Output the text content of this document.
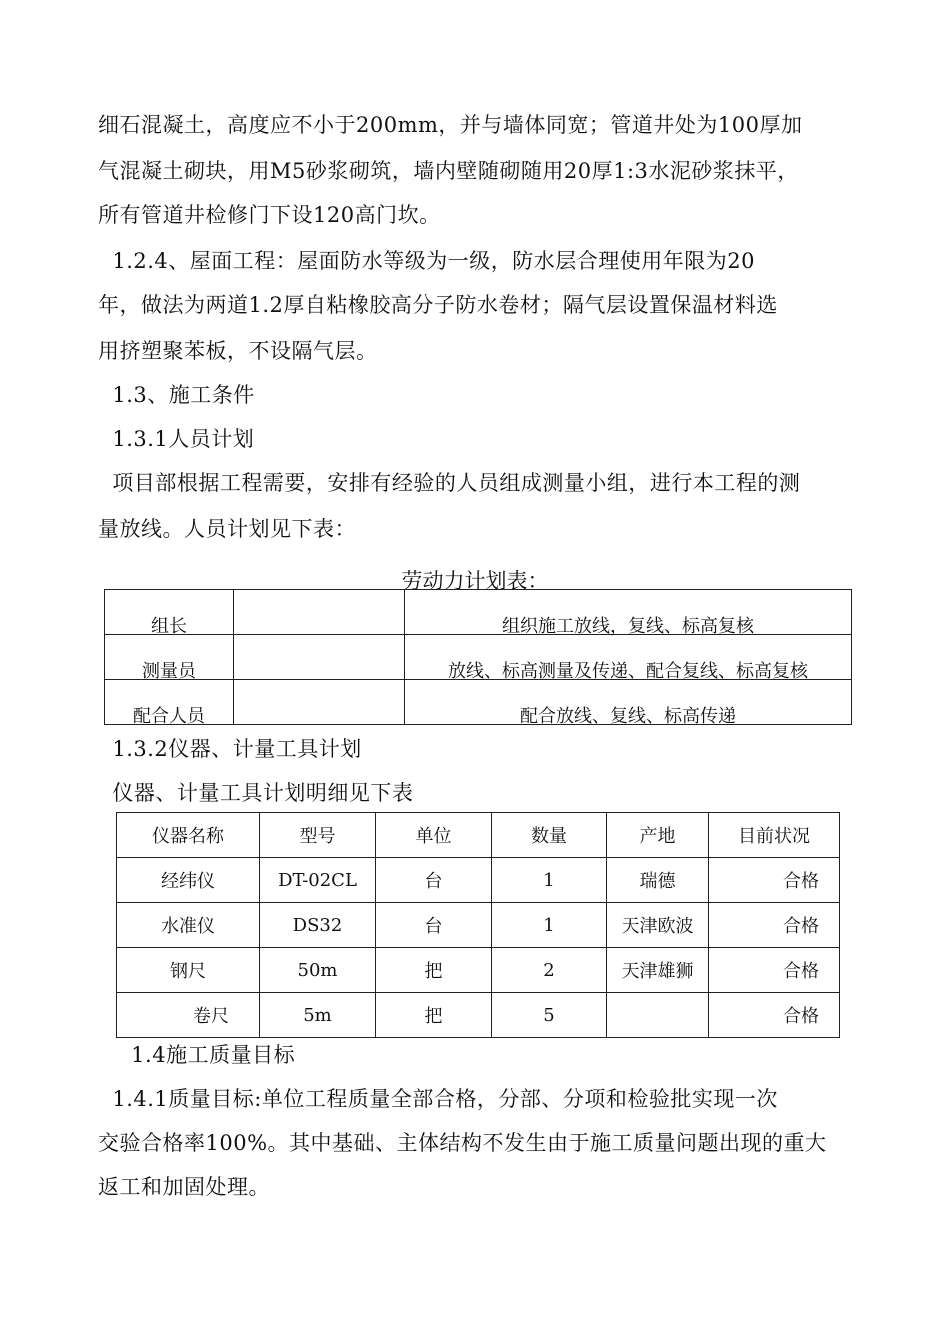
细石混凝土，高度应不小于200mm，并与墙体同宽；管道井处为100厚加
气混凝土砌块，用M5砂浆砌筑，墙内壁随砌随用20厚1:3水泥砂浆抹平，
所有管道井检修门下设120高门坎。
1.2.4、屋面工程：屋面防水等级为一级，防水层合理使用年限为20
年，做法为两道1.2厚自粘橡胶高分子防水卷材；隔气层设置保温材料选
用挤塑聚苯板，不设隔气层。
1.3、施工条件
1.3.1人员计划
项目部根据工程需要，安排有经验的人员组成测量小组，进行本工程的测
量放线。人员计划见下表：
劳动力计划表：
组长		组织施工放线，复线、标高复核
测量员		放线、标高测量及传递、配合复线、标高复核
配合人员		配合放线、复线、标高传递
1.3.2仪器、计量工具计划
仪器、计量工具计划明细见下表
仪器名称	型号	单位	数量	产地	目前状况
经纬仪	DT-02CL	台	1	瑞德	合格
水准仪	DS32	台	1	天津欧波	合格
钢尺	50m	把	2	天津雄狮	合格
卷尺	5m	把	5		合格
1.4施工质量目标
1.4.1质量目标:单位工程质量全部合格，分部、分项和检验批实现一次
交验合格率100%。其中基础、主体结构不发生由于施工质量问题出现的重大
返工和加固处理。
